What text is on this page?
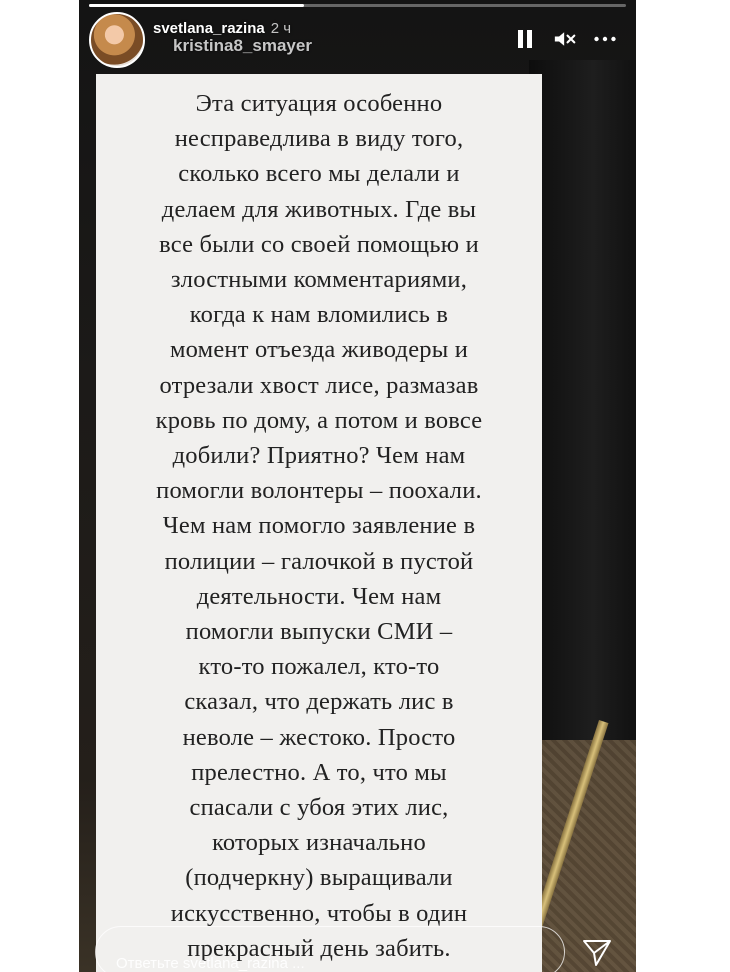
kristina8_smayer
svetlana_razina 2 ч

Эта ситуация особенно
несправедлива в виду того,
сколько всего мы делали и
делаем для животных. Где вы
все были со своей помощью и
злостными комментариями,
когда к нам вломились в
момент отъезда живодеры и
отрезали хвост лисе, размазав
кровь по дому, а потом и вовсе
добили? Приятно? Чем нам
помогли волонтеры – поохали.
Чем нам помогло заявление в
полиции – галочкой в пустой
деятельности. Чем нам
помогли выпуски СМИ –
кто-то пожалел, кто-то
сказал, что держать лис в
неволе – жестоко. Просто
прелестно. А то, что мы
спасали с убоя этих лис,
которых изначально
(подчеркну) выращивали
искусственно, чтобы в один
прекрасный день забить.

Ответьте svetlana_razina ...
